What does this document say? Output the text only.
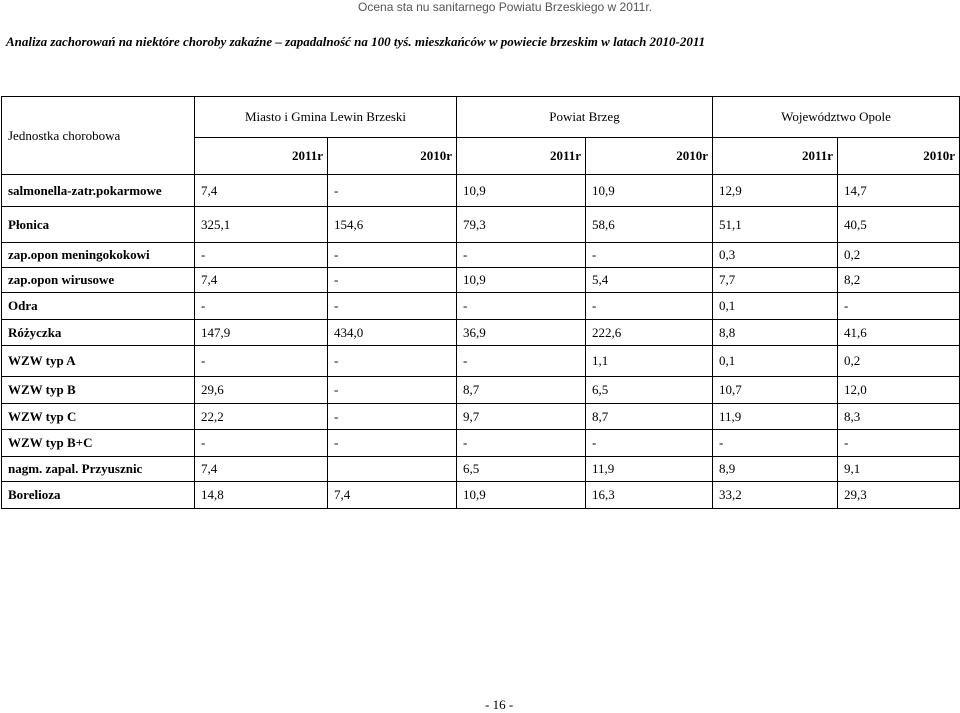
Ocena sta nu sanitarnego Powiatu Brzeskiego w 2011r.
Analiza zachorowań na niektóre choroby zakaźne – zapadalność na 100 tyś. mieszkańców w powiecie brzeskim w latach 2010-2011
Jednostka chorobowa	Miasto i Gmina Lewin Brzeski		Powiat Brzeg		Województwo Opole	
	2011r	2010r	2011r	2010r	2011r	2010r
salmonella-zatr.pokarmowe	7,4	-	10,9	10,9	12,9	14,7
Płonica	325,1	154,6	79,3	58,6	51,1	40,5
zap.opon meningokokowi	-	-	-	-	0,3	0,2
zap.opon wirusowe	7,4	-	10,9	5,4	7,7	8,2
Odra	-	-	-	-	0,1	-
Różyczka	147,9	434,0	36,9	222,6	8,8	41,6
WZW typ A	-	-	-	1,1	0,1	0,2
WZW typ B	29,6	-	8,7	6,5	10,7	12,0
WZW typ C	22,2	-	9,7	8,7	11,9	8,3
WZW typ B+C	-	-	-	-	-	-
nagm. zapal. Przyusznic	7,4		6,5	11,9	8,9	9,1
Borelioza	14,8	7,4	10,9	16,3	33,2	29,3
- 16 -
